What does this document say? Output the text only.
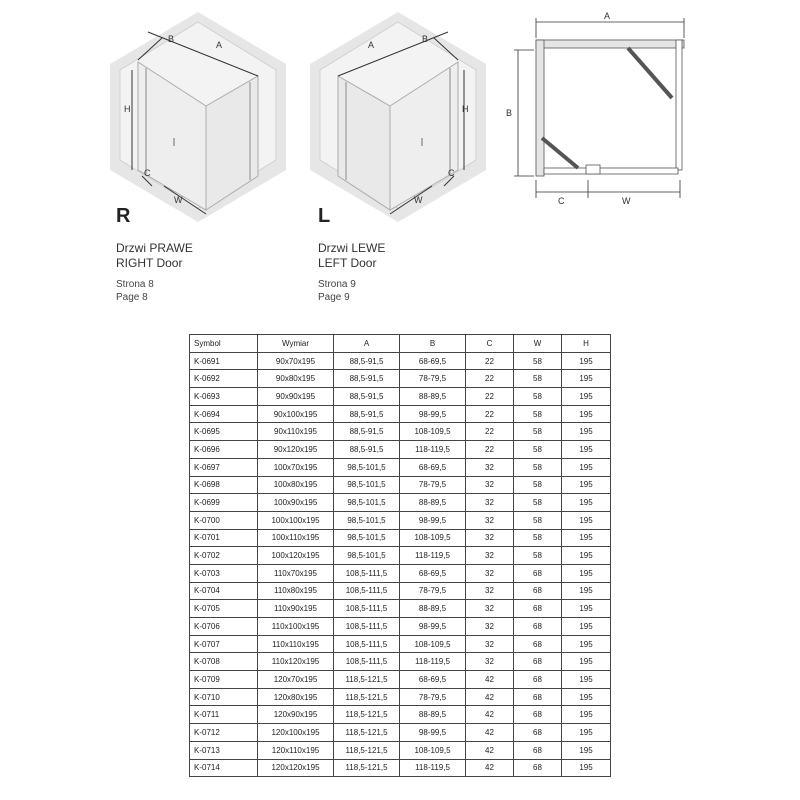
B
A
H
C
W
A
B
H
C
W
A
B
C	W
R
Drzwi PRAWE
RIGHT Door
Strona 8
Page 8
L
Drzwi LEWE
LEFT Door
Strona 9
Page 9
Symbol	Wymiar	A	B	C	W	H
K-0691	90x70x195	88,5-91,5	68-69,5	22	58	195
K-0692	90x80x195	88,5-91,5	78-79,5	22	58	195
K-0693	90x90x195	88,5-91,5	88-89,5	22	58	195
K-0694	90x100x195	88,5-91,5	98-99,5	22	58	195
K-0695	90x110x195	88,5-91,5	108-109,5	22	58	195
K-0696	90x120x195	88,5-91,5	118-119,5	22	58	195
K-0697	100x70x195	98,5-101,5	68-69,5	32	58	195
K-0698	100x80x195	98,5-101,5	78-79,5	32	58	195
K-0699	100x90x195	98,5-101,5	88-89,5	32	58	195
K-0700	100x100x195	98,5-101,5	98-99,5	32	58	195
K-0701	100x110x195	98,5-101,5	108-109,5	32	58	195
K-0702	100x120x195	98,5-101,5	118-119,5	32	58	195
K-0703	110x70x195	108,5-111,5	68-69,5	32	68	195
K-0704	110x80x195	108,5-111,5	78-79,5	32	68	195
K-0705	110x90x195	108,5-111,5	88-89,5	32	68	195
K-0706	110x100x195	108,5-111,5	98-99,5	32	68	195
K-0707	110x110x195	108,5-111,5	108-109,5	32	68	195
K-0708	110x120x195	108,5-111,5	118-119,5	32	68	195
K-0709	120x70x195	118,5-121,5	68-69,5	42	68	195
K-0710	120x80x195	118,5-121,5	78-79,5	42	68	195
K-0711	120x90x195	118,5-121,5	88-89,5	42	68	195
K-0712	120x100x195	118,5-121,5	98-99,5	42	68	195
K-0713	120x110x195	118,5-121,5	108-109,5	42	68	195
K-0714	120x120x195	118,5-121,5	118-119,5	42	68	195
